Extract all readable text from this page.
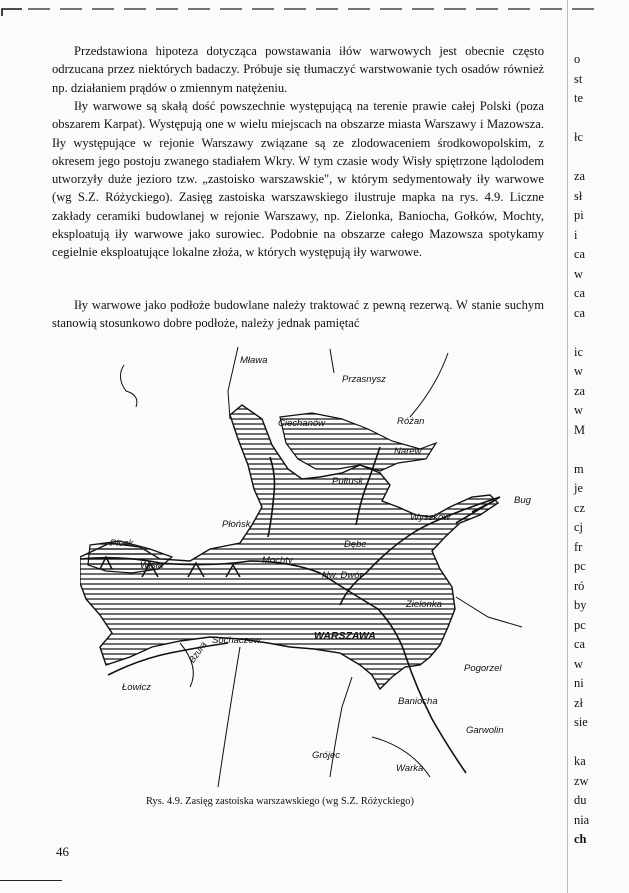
Przedstawiona hipoteza dotycząca powstawania iłów warwowych jest obecnie często odrzucana przez niektórych badaczy. Próbuje się tłumaczyć warstwowanie tych osadów również np. działaniem prądów o zmiennym natężeniu.

Iły warwowe są skałą dość powszechnie występującą na terenie prawie całej Polski (poza obszarem Karpat). Występują one w wielu miejscach na obszarze miasta Warszawy i Mazowsza. Iły występujące w rejonie Warszawy związane są ze zlodowaceniem środkowopolskim, z okresem jego postoju zwanego stadiałem Wkry. W tym czasie wody Wisły spiętrzone lądolodem utworzyły duże jezioro tzw. „zastoisko warszawskie", w którym sedymentowały iły warwowe (wg S.Z. Różyckiego). Zasięg zastoiska warszawskiego ilustruje mapka na rys. 4.9. Liczne zakłady ceramiki budowlanej w rejonie Warszawy, np. Zielonka, Baniocha, Gołków, Mochty, eksploatują iły warwowe jako surowiec. Podobnie na obszarze całego Mazowsza spotykamy cegielnie eksploatujące lokalne złoża, w których występują iły warwowe.

Iły warwowe jako podłoże budowlane należy traktować z pewną rezerwą. W stanie suchym stanowią stosunkowo dobre podłoże, należy jednak pamiętać

Mława
Przasnysz
Ciechanów	Różan
Narew
Pułtusk
Wyszków
Bug
Płońsk
Dębe
Płock
Wisła	Mochty
Nw. Dwór
Zielonka
Sochaczew	WARSZAWA
Bzura
Łowicz
Pogorzel
Baniocha
Garwolin
Grójec
Warka
Rys. 4.9. Zasięg zastoiska warszawskiego (wg S.Z. Różyckiego)
46
o
st
te
łc
za
sł
pi
i
ca
w
ca
ca
ic
w
za
w
M
m
je
cz
cj
fr
pc
ró
by
pc
ca
w
ni
zł
sie
ka
zw
du
nia
ch
